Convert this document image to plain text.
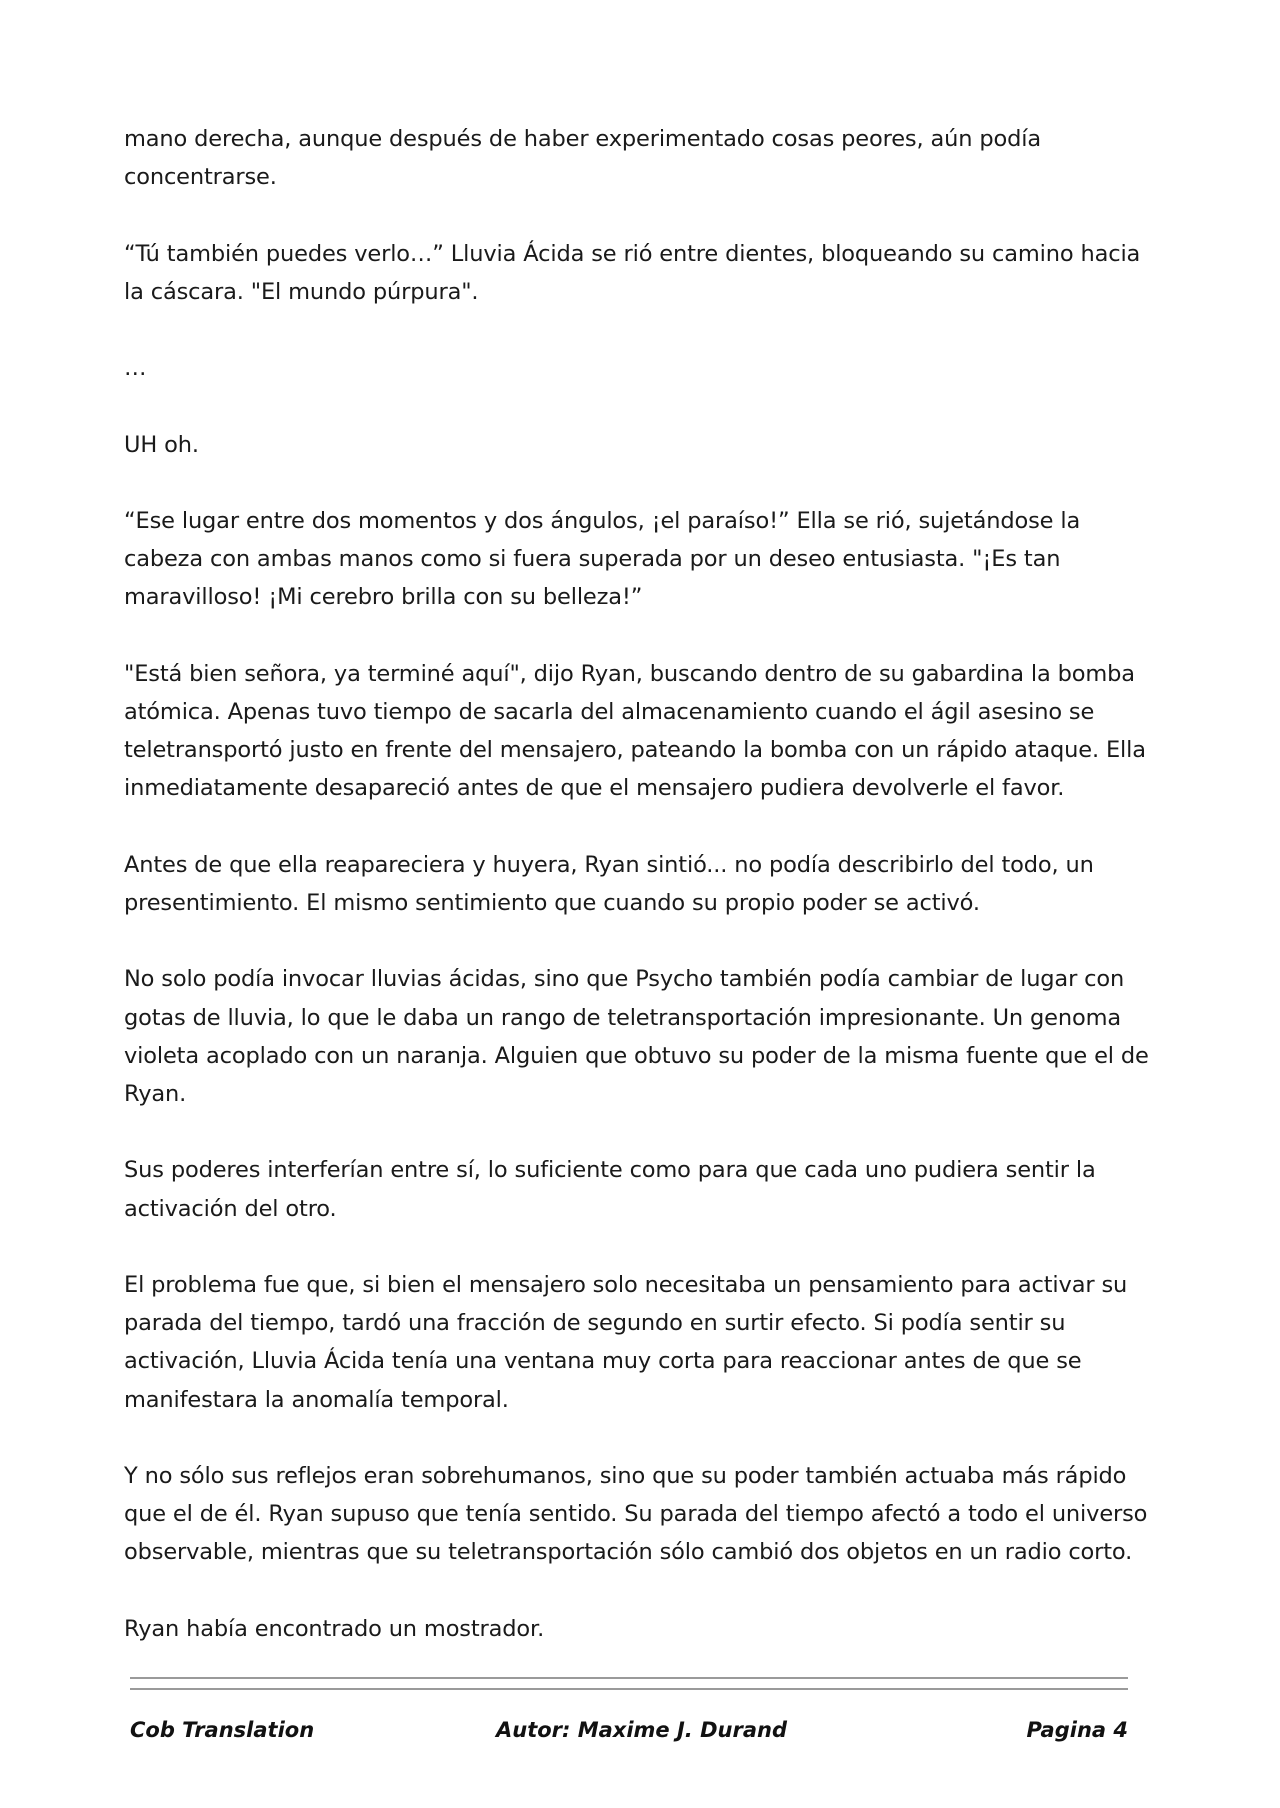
mano derecha, aunque después de haber experimentado cosas peores, aún podía concentrarse.

“Tú también puedes verlo…” Lluvia Ácida se rió entre dientes, bloqueando su camino hacia la cáscara. "El mundo púrpura".

…

UH oh.

“Ese lugar entre dos momentos y dos ángulos, ¡el paraíso!” Ella se rió, sujetándose la cabeza con ambas manos como si fuera superada por un deseo entusiasta. "¡Es tan maravilloso! ¡Mi cerebro brilla con su belleza!”

"Está bien señora, ya terminé aquí", dijo Ryan, buscando dentro de su gabardina la bomba atómica. Apenas tuvo tiempo de sacarla del almacenamiento cuando el ágil asesino se teletransportó justo en frente del mensajero, pateando la bomba con un rápido ataque. Ella inmediatamente desapareció antes de que el mensajero pudiera devolverle el favor.

Antes de que ella reapareciera y huyera, Ryan sintió... no podía describirlo del todo, un presentimiento. El mismo sentimiento que cuando su propio poder se activó.

No solo podía invocar lluvias ácidas, sino que Psycho también podía cambiar de lugar con gotas de lluvia, lo que le daba un rango de teletransportación impresionante. Un genoma violeta acoplado con un naranja. Alguien que obtuvo su poder de la misma fuente que el de Ryan.

Sus poderes interferían entre sí, lo suficiente como para que cada uno pudiera sentir la activación del otro.

El problema fue que, si bien el mensajero solo necesitaba un pensamiento para activar su parada del tiempo, tardó una fracción de segundo en surtir efecto. Si podía sentir su activación, Lluvia Ácida tenía una ventana muy corta para reaccionar antes de que se manifestara la anomalía temporal.

Y no sólo sus reflejos eran sobrehumanos, sino que su poder también actuaba más rápido que el de él. Ryan supuso que tenía sentido. Su parada del tiempo afectó a todo el universo observable, mientras que su teletransportación sólo cambió dos objetos en un radio corto.

Ryan había encontrado un mostrador.

Cob Translation	Autor: Maxime J. Durand	Pagina 4
